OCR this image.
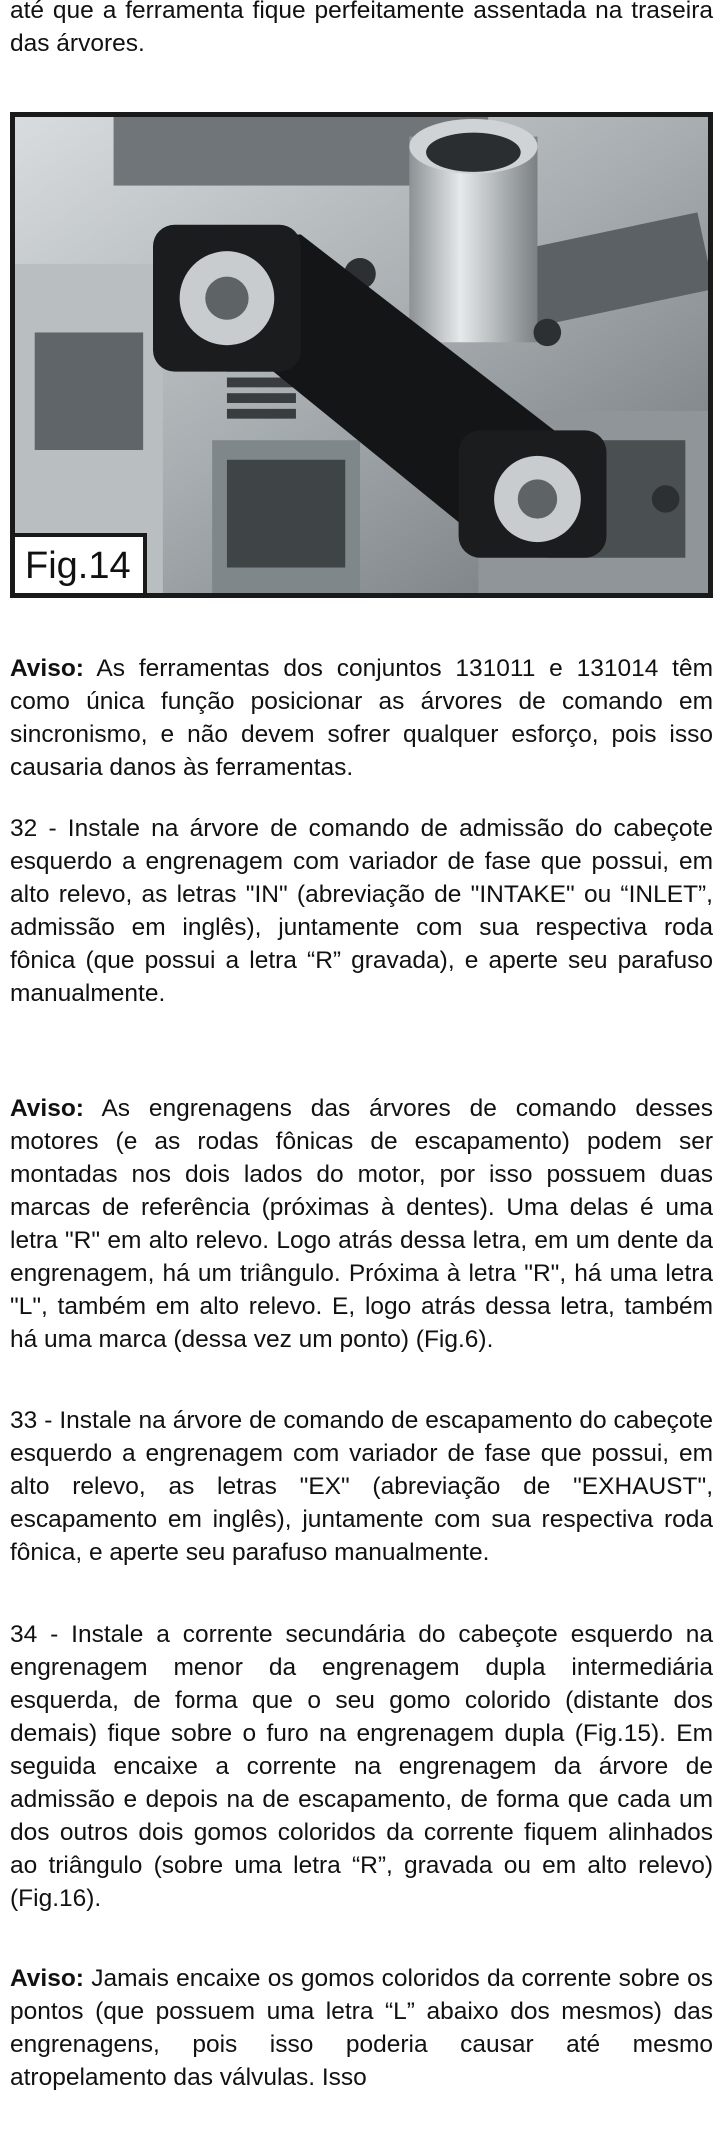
até que a ferramenta fique perfeitamente assentada na traseira das árvores.

Fig.14

Aviso: As ferramentas dos conjuntos 131011 e 131014 têm como única função posicionar as árvores de comando em sincronismo, e não devem sofrer qualquer esforço, pois isso causaria danos às ferramentas.

32 - Instale na árvore de comando de admissão do cabeçote esquerdo a engrenagem com variador de fase que possui, em alto relevo, as letras "IN" (abreviação de "INTAKE" ou “INLET”, admissão em inglês), juntamente com sua respectiva roda fônica (que possui a letra “R” gravada), e aperte seu parafuso manualmente.

Aviso: As engrenagens das árvores de comando desses motores (e as rodas fônicas de escapamento) podem ser montadas nos dois lados do motor, por isso possuem duas marcas de referência (próximas à dentes). Uma delas é uma letra "R" em alto relevo. Logo atrás dessa letra, em um dente da engrenagem, há um triângulo. Próxima à letra "R", há uma letra "L", também em alto relevo. E, logo atrás dessa letra, também há uma marca (dessa vez um ponto) (Fig.6).

33 - Instale na árvore de comando de escapamento do cabeçote esquerdo a engrenagem com variador de fase que possui, em alto relevo, as letras "EX" (abreviação de "EXHAUST", escapamento em inglês), juntamente com sua respectiva roda fônica, e aperte seu parafuso manualmente.

34 - Instale a corrente secundária do cabeçote esquerdo na engrenagem menor da engrenagem dupla intermediária esquerda, de forma que o seu gomo colorido (distante dos demais) fique sobre o furo na engrenagem dupla (Fig.15). Em seguida encaixe a corrente na engrenagem da árvore de admissão e depois na de escapamento, de forma que cada um dos outros dois gomos coloridos da corrente fiquem alinhados ao triângulo (sobre uma letra “R”, gravada ou em alto relevo) (Fig.16).

Aviso: Jamais encaixe os gomos coloridos da corrente sobre os pontos (que possuem uma letra “L” abaixo dos mesmos) das engrenagens, pois isso poderia causar até mesmo atropelamento das válvulas. Isso
